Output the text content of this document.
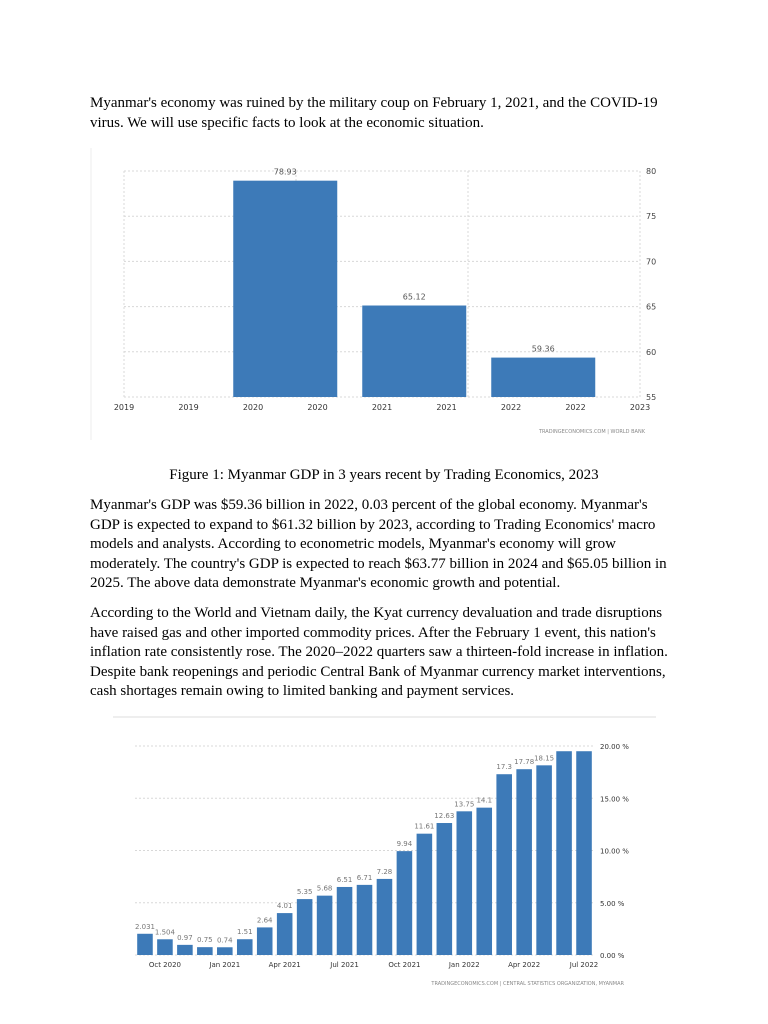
Myanmar's economy was ruined by the military coup on February 1, 2021, and the COVID-19 virus. We will use specific facts to look at the economic situation.

55
60
65
70
75
80
78.93
65.12
59.36
2019	2019	2020	2020	2021	2021	2022	2022	2023
TRADINGECONOMICS.COM | WORLD BANK
Figure 1: Myanmar GDP in 3 years recent by Trading Economics, 2023

Myanmar's GDP was $59.36 billion in 2022, 0.03 percent of the global economy. Myanmar's GDP is expected to expand to $61.32 billion by 2023, according to Trading Economics' macro models and analysts. According to econometric models, Myanmar's economy will grow moderately. The country's GDP is expected to reach $63.77 billion in 2024 and $65.05 billion in 2025. The above data demonstrate Myanmar's economic growth and potential.

According to the World and Vietnam daily, the Kyat currency devaluation and trade disruptions have raised gas and other imported commodity prices. After the February 1 event, this nation's inflation rate consistently rose. The 2020–2022 quarters saw a thirteen-fold increase in inflation. Despite bank reopenings and periodic Central Bank of Myanmar currency market interventions, cash shortages remain owing to limited banking and payment services.

0.00 %
5.00 %
10.00 %
15.00 %
20.00 %
2.031
1.504
0.97 0.75 0.74
1.51
2.64
4.01
5.35 5.68
6.51 6.71
7.28
9.94
11.61
12.63
13.75 14.1
17.3
17.78 18.15
Oct 2020	Jan 2021	Apr 2021	Jul 2021	Oct 2021	Jan 2022	Apr 2022	Jul 2022
TRADINGECONOMICS.COM | CENTRAL STATISTICS ORGANIZATION, MYANMAR
